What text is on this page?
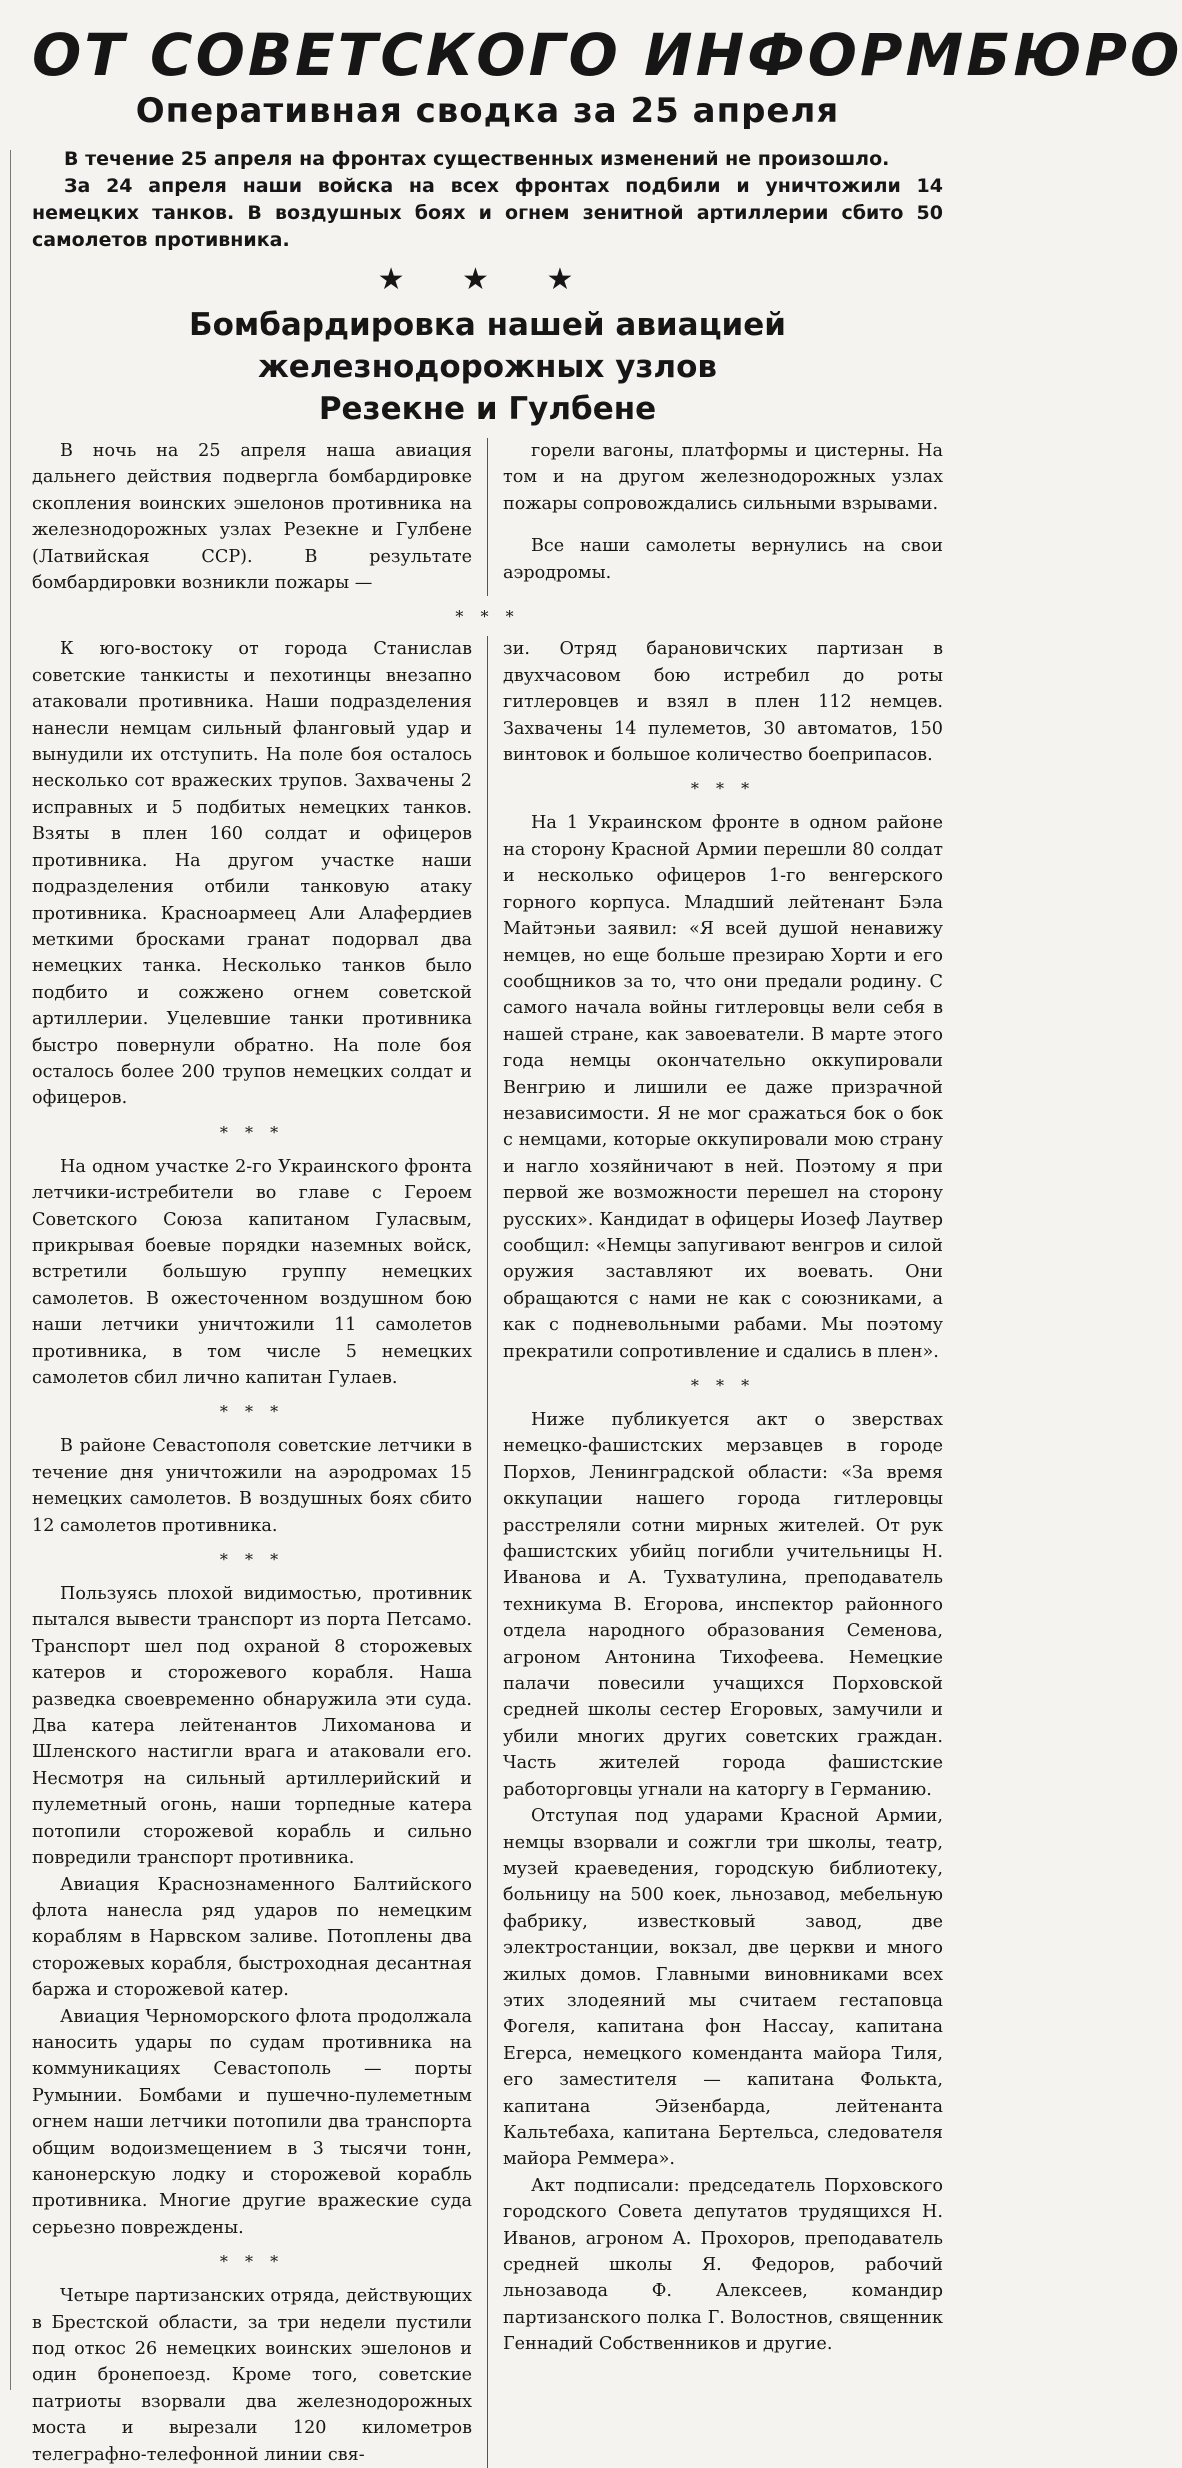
ОТ СОВЕТСКОГО ИНФОРМБЮРО
Оперативная сводка за 25 апреля

В течение 25 апреля на фронтах существенных изменений не произошло.

За 24 апреля наши войска на всех фронтах подбили и уничтожили 14 немецких танков. В воздушных боях и огнем зенитной артиллерии сбито 50 самолетов противника.

★ ★ ★
Бомбардировка нашей авиацией железнодорожных узлов
Резекне и Гулбене

В ночь на 25 апреля наша авиация дальнего действия подвергла бомбардировке скопления воинских эшелонов противника на железнодорожных узлах Резекне и Гулбене (Латвийская ССР). В результате бомбардировки возникли пожары —

горели вагоны, платформы и цистерны. На том и на другом железнодорожных узлах пожары сопровождались сильными взрывами.

Все наши самолеты вернулись на свои аэродромы.

* * *

К юго-востоку от города Станислав советские танкисты и пехотинцы внезапно атаковали противника. Наши подразделения нанесли немцам сильный фланговый удар и вынудили их отступить. На поле боя осталось несколько сот вражеских трупов. Захвачены 2 исправных и 5 подбитых немецких танков. Взяты в плен 160 солдат и офицеров противника. На другом участке наши подразделения отбили танковую атаку противника. Красноармеец Али Алафердиев меткими бросками гранат подорвал два немецких танка. Несколько танков было подбито и сожжено огнем советской артиллерии. Уцелевшие танки противника быстро повернули обратно. На поле боя осталось более 200 трупов немецких солдат и офицеров.

* * *

На одном участке 2-го Украинского фронта летчики-истребители во главе с Героем Советского Союза капитаном Гуласвым, прикрывая боевые порядки наземных войск, встретили большую группу немецких самолетов. В ожесточенном воздушном бою наши летчики уничтожили 11 самолетов противника, в том числе 5 немецких самолетов сбил лично капитан Гулаев.

* * *

В районе Севастополя советские летчики в течение дня уничтожили на аэродромах 15 немецких самолетов. В воздушных боях сбито 12 самолетов противника.

* * *

Пользуясь плохой видимостью, противник пытался вывести транспорт из порта Петсамо. Транспорт шел под охраной 8 сторожевых катеров и сторожевого корабля. Наша разведка своевременно обнаружила эти суда. Два катера лейтенантов Лихоманова и Шленского настигли врага и атаковали его. Несмотря на сильный артиллерийский и пулеметный огонь, наши торпедные катера потопили сторожевой корабль и сильно повредили транспорт противника.

Авиация Краснознаменного Балтийского флота нанесла ряд ударов по немецким кораблям в Нарвском заливе. Потоплены два сторожевых корабля, быстроходная десантная баржа и сторожевой катер.

Авиация Черноморского флота продолжала наносить удары по судам противника на коммуникациях Севастополь — порты Румынии. Бомбами и пушечно-пулеметным огнем наши летчики потопили два транспорта общим водоизмещением в 3 тысячи тонн, канонерскую лодку и сторожевой корабль противника. Многие другие вражеские суда серьезно повреждены.

* * *

Четыре партизанских отряда, действующих в Брестской области, за три недели пустили под откос 26 немецких воинских эшелонов и один бронепоезд. Кроме того, советские патриоты взорвали два железнодорожных моста и вырезали 120 километров телеграфно-телефонной линии свя-

зи. Отряд барановичских партизан в двухчасовом бою истребил до роты гитлеровцев и взял в плен 112 немцев. Захвачены 14 пулеметов, 30 автоматов, 150 винтовок и большое количество боеприпасов.

* * *

На 1 Украинском фронте в одном районе на сторону Красной Армии перешли 80 солдат и несколько офицеров 1-го венгерского горного корпуса. Младший лейтенант Бэла Майтэньи заявил: «Я всей душой ненавижу немцев, но еще больше презираю Хорти и его сообщников за то, что они предали родину. С самого начала войны гитлеровцы вели себя в нашей стране, как завоеватели. В марте этого года немцы окончательно оккупировали Венгрию и лишили ее даже призрачной независимости. Я не мог сражаться бок о бок с немцами, которые оккупировали мою страну и нагло хозяйничают в ней. Поэтому я при первой же возможности перешел на сторону русских». Кандидат в офицеры Иозеф Лаутвер сообщил: «Немцы запугивают венгров и силой оружия заставляют их воевать. Они обращаются с нами не как с союзниками, а как с подневольными рабами. Мы поэтому прекратили сопротивление и сдались в плен».

* * *

Ниже публикуется акт о зверствах немецко-фашистских мерзавцев в городе Порхов, Ленинградской области: «За время оккупации нашего города гитлеровцы расстреляли сотни мирных жителей. От рук фашистских убийц погибли учительницы Н. Иванова и А. Тухватулина, преподаватель техникума В. Егорова, инспектор районного отдела народного образования Семенова, агроном Антонина Тихофеева. Немецкие палачи повесили учащихся Порховской средней школы сестер Егоровых, замучили и убили многих других советских граждан. Часть жителей города фашистские работорговцы угнали на каторгу в Германию.

Отступая под ударами Красной Армии, немцы взорвали и сожгли три школы, театр, музей краеведения, городскую библиотеку, больницу на 500 коек, льнозавод, мебельную фабрику, известковый завод, две электростанции, вокзал, две церкви и много жилых домов. Главными виновниками всех этих злодеяний мы считаем гестаповца Фогеля, капитана фон Нассау, капитана Егерса, немецкого коменданта майора Тиля, его заместителя — капитана Фолькта, капитана Эйзенбарда, лейтенанта Кальтебаха, капитана Бертельса, следователя майора Реммера».

Акт подписали: председатель Порховского городского Совета депутатов трудящихся Н. Иванов, агроном А. Прохоров, преподаватель средней школы Я. Федоров, рабочий льнозавода Ф. Алексеев, командир партизанского полка Г. Волостнов, священник Геннадий Собственников и другие.
